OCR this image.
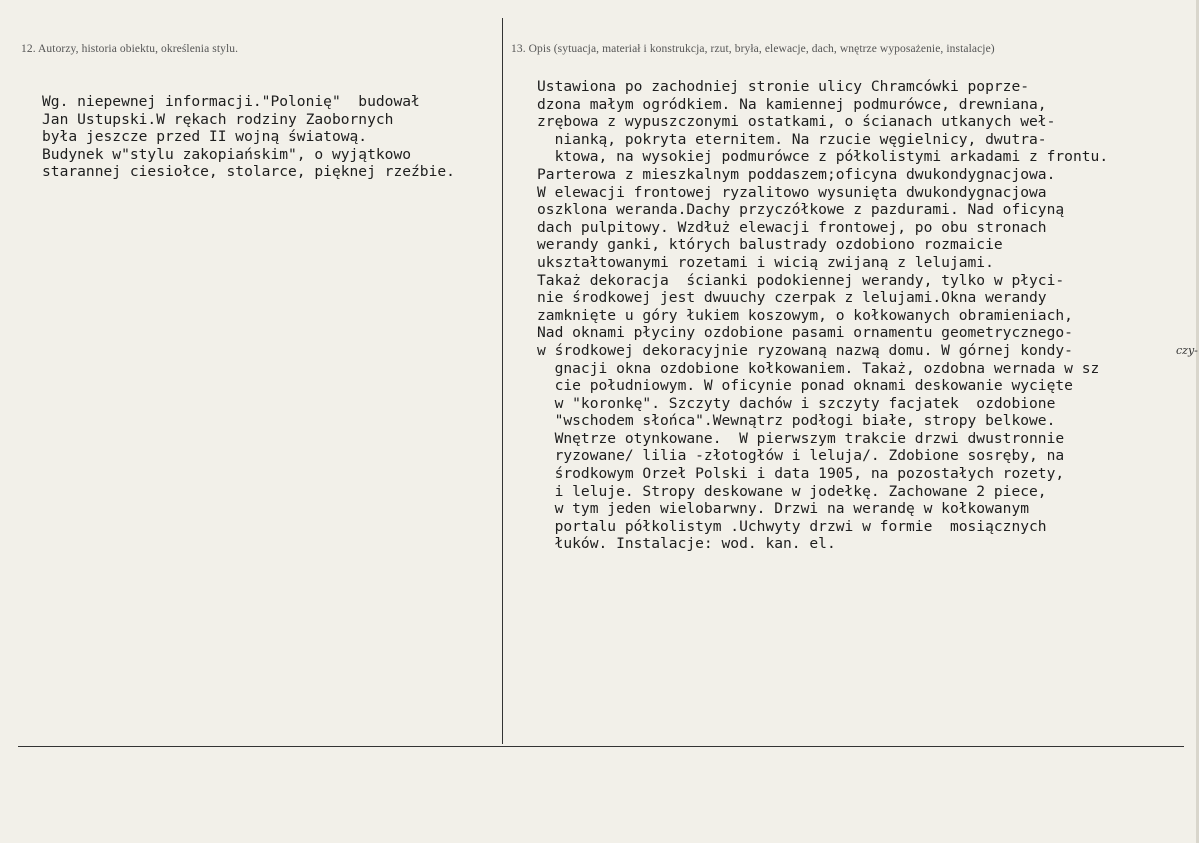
12. Autorzy, historia obiektu, określenia stylu.	13. Opis (sytuacja, materiał i konstrukcja, rzut, bryła, elewacje, dach, wnętrze wyposażenie, instalacje)
Wg. niepewnej informacji."Polonię"  budował
Jan Ustupski.W rękach rodziny Zaobornych
była jeszcze przed II wojną światową.
Budynek w"stylu zakopiańskim", o wyjątkowo
starannej ciesiołce, stolarce, pięknej rzeźbie.
Ustawiona po zachodniej stronie ulicy Chramcówki poprze-
dzona małym ogródkiem. Na kamiennej podmurówce, drewniana,
zrębowa z wypuszczonymi ostatkami, o ścianach utkanych weł-
nianką, pokryta eternitem. Na rzucie węgielnicy, dwutra-
ktowa, na wysokiej podmurówce z półkolistymi arkadami z frontu.
Parterowa z mieszkalnym poddaszem;oficyna dwukondygnacjowa.
W elewacji frontowej ryzalitowo wysunięta dwukondygnacjowa
oszklona weranda.Dachy przyczółkowe z pazdurami. Nad oficyną
dach pulpitowy. Wzdłuż elewacji frontowej, po obu stronach
werandy ganki, których balustrady ozdobiono rozmaicie
ukształtowanymi rozetami i wicią zwijaną z lelujami.
Takaż dekoracja  ścianki podokiennej werandy, tylko w płyci-
nie środkowej jest dwuuchy czerpak z lelujami.Okna werandy
zamknięte u góry łukiem koszowym, o kołkowanych obramieniach,
Nad oknami płyciny ozdobione pasami ornamentu geometrycznego-
w środkowej dekoracyjnie ryzowaną nazwą domu. W górnej kondy-
gnacji okna ozdobione kołkowaniem. Takaż, ozdobna wernada w sz
cie południowym. W oficynie ponad oknami deskowanie wycięte
w "koronkę". Szczyty dachów i szczyty facjatek  ozdobione
"wschodem słońca".Wewnątrz podłogi białe, stropy belkowe.
Wnętrze otynkowane.  W pierwszym trakcie drzwi dwustronnie
ryzowane/ lilia -złotogłów i leluja/. Zdobione sosręby, na
środkowym Orzeł Polski i data 1905, na pozostałych rozety,
i leluje. Stropy deskowane w jodełkę. Zachowane 2 piece,
w tym jeden wielobarwny. Drzwi na werandę w kołkowanym
portalu półkolistym .Uchwyty drzwi w formie  mosiącznych
łuków. Instalacje: wod. kan. el.
czy-
